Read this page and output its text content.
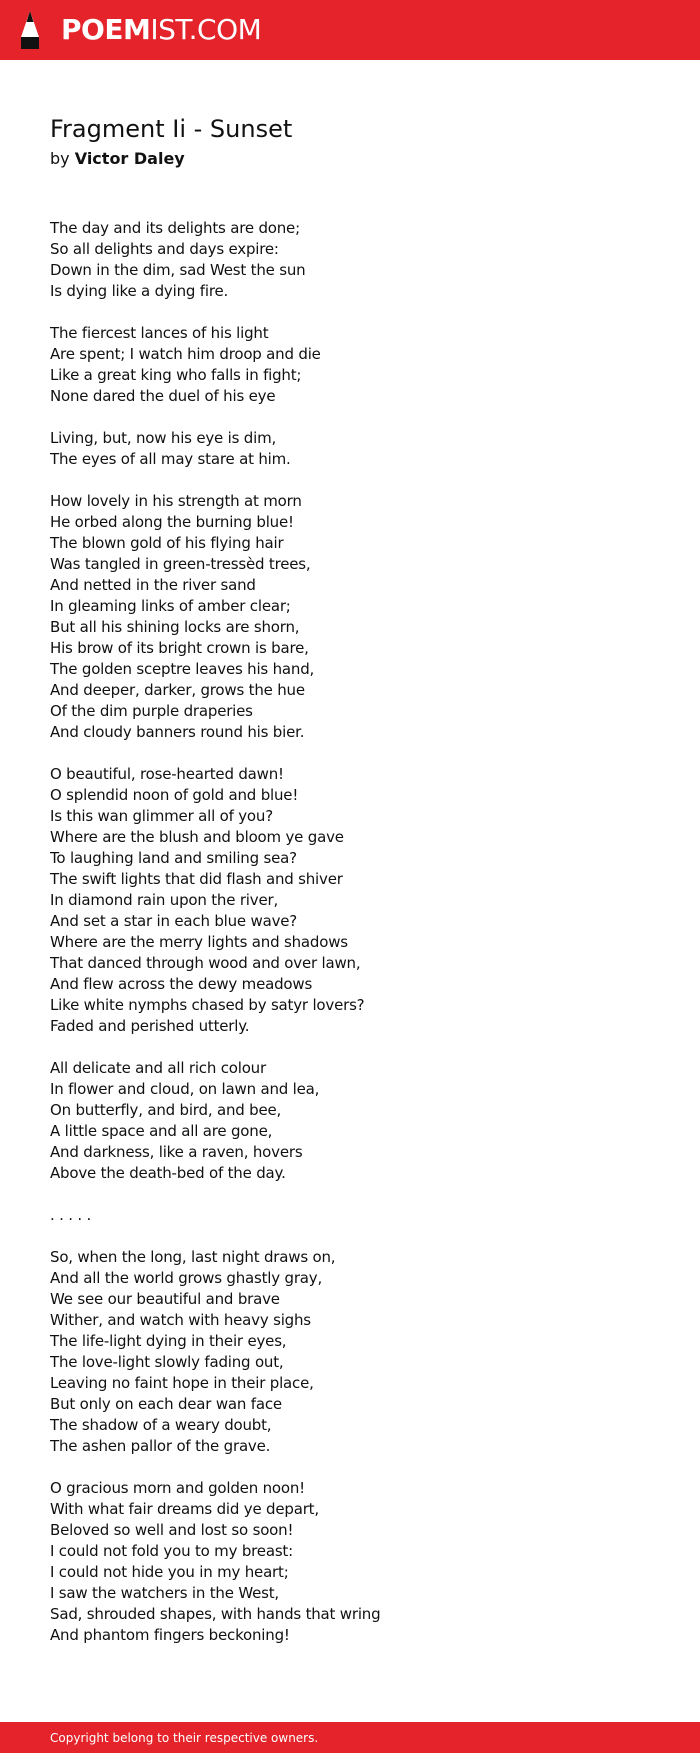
POEMIST.COM
Fragment Ii - Sunset
by Victor Daley
The day and its delights are done;
So all delights and days expire:
Down in the dim, sad West the sun
Is dying like a dying fire.
The fiercest lances of his light
Are spent; I watch him droop and die
Like a great king who falls in fight;
None dared the duel of his eye
Living, but, now his eye is dim,
The eyes of all may stare at him.
How lovely in his strength at morn
He orbed along the burning blue!
The blown gold of his flying hair
Was tangled in green-tressèd trees,
And netted in the river sand
In gleaming links of amber clear;
But all his shining locks are shorn,
His brow of its bright crown is bare,
The golden sceptre leaves his hand,
And deeper, darker, grows the hue
Of the dim purple draperies
And cloudy banners round his bier.
O beautiful, rose-hearted dawn!
O splendid noon of gold and blue!
Is this wan glimmer all of you?
Where are the blush and bloom ye gave
To laughing land and smiling sea?
The swift lights that did flash and shiver
In diamond rain upon the river,
And set a star in each blue wave?
Where are the merry lights and shadows
That danced through wood and over lawn,
And flew across the dewy meadows
Like white nymphs chased by satyr lovers?
Faded and perished utterly.
All delicate and all rich colour
In flower and cloud, on lawn and lea,
On butterfly, and bird, and bee,
A little space and all are gone,
And darkness, like a raven, hovers
Above the death-bed of the day.
. . . . .
So, when the long, last night draws on,
And all the world grows ghastly gray,
We see our beautiful and brave
Wither, and watch with heavy sighs
The life-light dying in their eyes,
The love-light slowly fading out,
Leaving no faint hope in their place,
But only on each dear wan face
The shadow of a weary doubt,
The ashen pallor of the grave.
O gracious morn and golden noon!
With what fair dreams did ye depart,
Beloved so well and lost so soon!
I could not fold you to my breast:
I could not hide you in my heart;
I saw the watchers in the West,
Sad, shrouded shapes, with hands that wring
And phantom fingers beckoning!
Copyright belong to their respective owners.
